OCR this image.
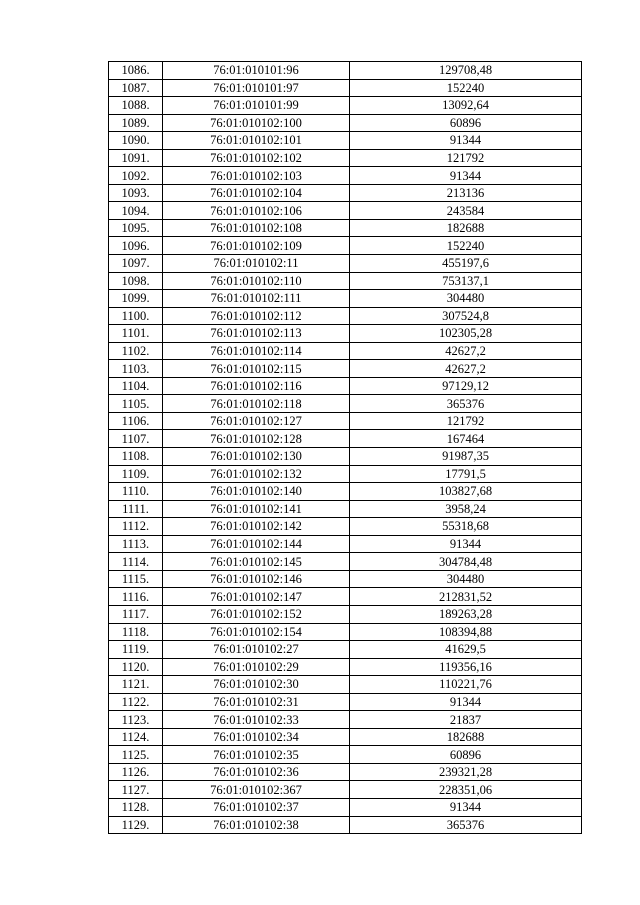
1086.	76:01:010101:96	129708,48
1087.	76:01:010101:97	152240
1088.	76:01:010101:99	13092,64
1089.	76:01:010102:100	60896
1090.	76:01:010102:101	91344
1091.	76:01:010102:102	121792
1092.	76:01:010102:103	91344
1093.	76:01:010102:104	213136
1094.	76:01:010102:106	243584
1095.	76:01:010102:108	182688
1096.	76:01:010102:109	152240
1097.	76:01:010102:11	455197,6
1098.	76:01:010102:110	753137,1
1099.	76:01:010102:111	304480
1100.	76:01:010102:112	307524,8
1101.	76:01:010102:113	102305,28
1102.	76:01:010102:114	42627,2
1103.	76:01:010102:115	42627,2
1104.	76:01:010102:116	97129,12
1105.	76:01:010102:118	365376
1106.	76:01:010102:127	121792
1107.	76:01:010102:128	167464
1108.	76:01:010102:130	91987,35
1109.	76:01:010102:132	17791,5
1110.	76:01:010102:140	103827,68
1111.	76:01:010102:141	3958,24
1112.	76:01:010102:142	55318,68
1113.	76:01:010102:144	91344
1114.	76:01:010102:145	304784,48
1115.	76:01:010102:146	304480
1116.	76:01:010102:147	212831,52
1117.	76:01:010102:152	189263,28
1118.	76:01:010102:154	108394,88
1119.	76:01:010102:27	41629,5
1120.	76:01:010102:29	119356,16
1121.	76:01:010102:30	110221,76
1122.	76:01:010102:31	91344
1123.	76:01:010102:33	21837
1124.	76:01:010102:34	182688
1125.	76:01:010102:35	60896
1126.	76:01:010102:36	239321,28
1127.	76:01:010102:367	228351,06
1128.	76:01:010102:37	91344
1129.	76:01:010102:38	365376
